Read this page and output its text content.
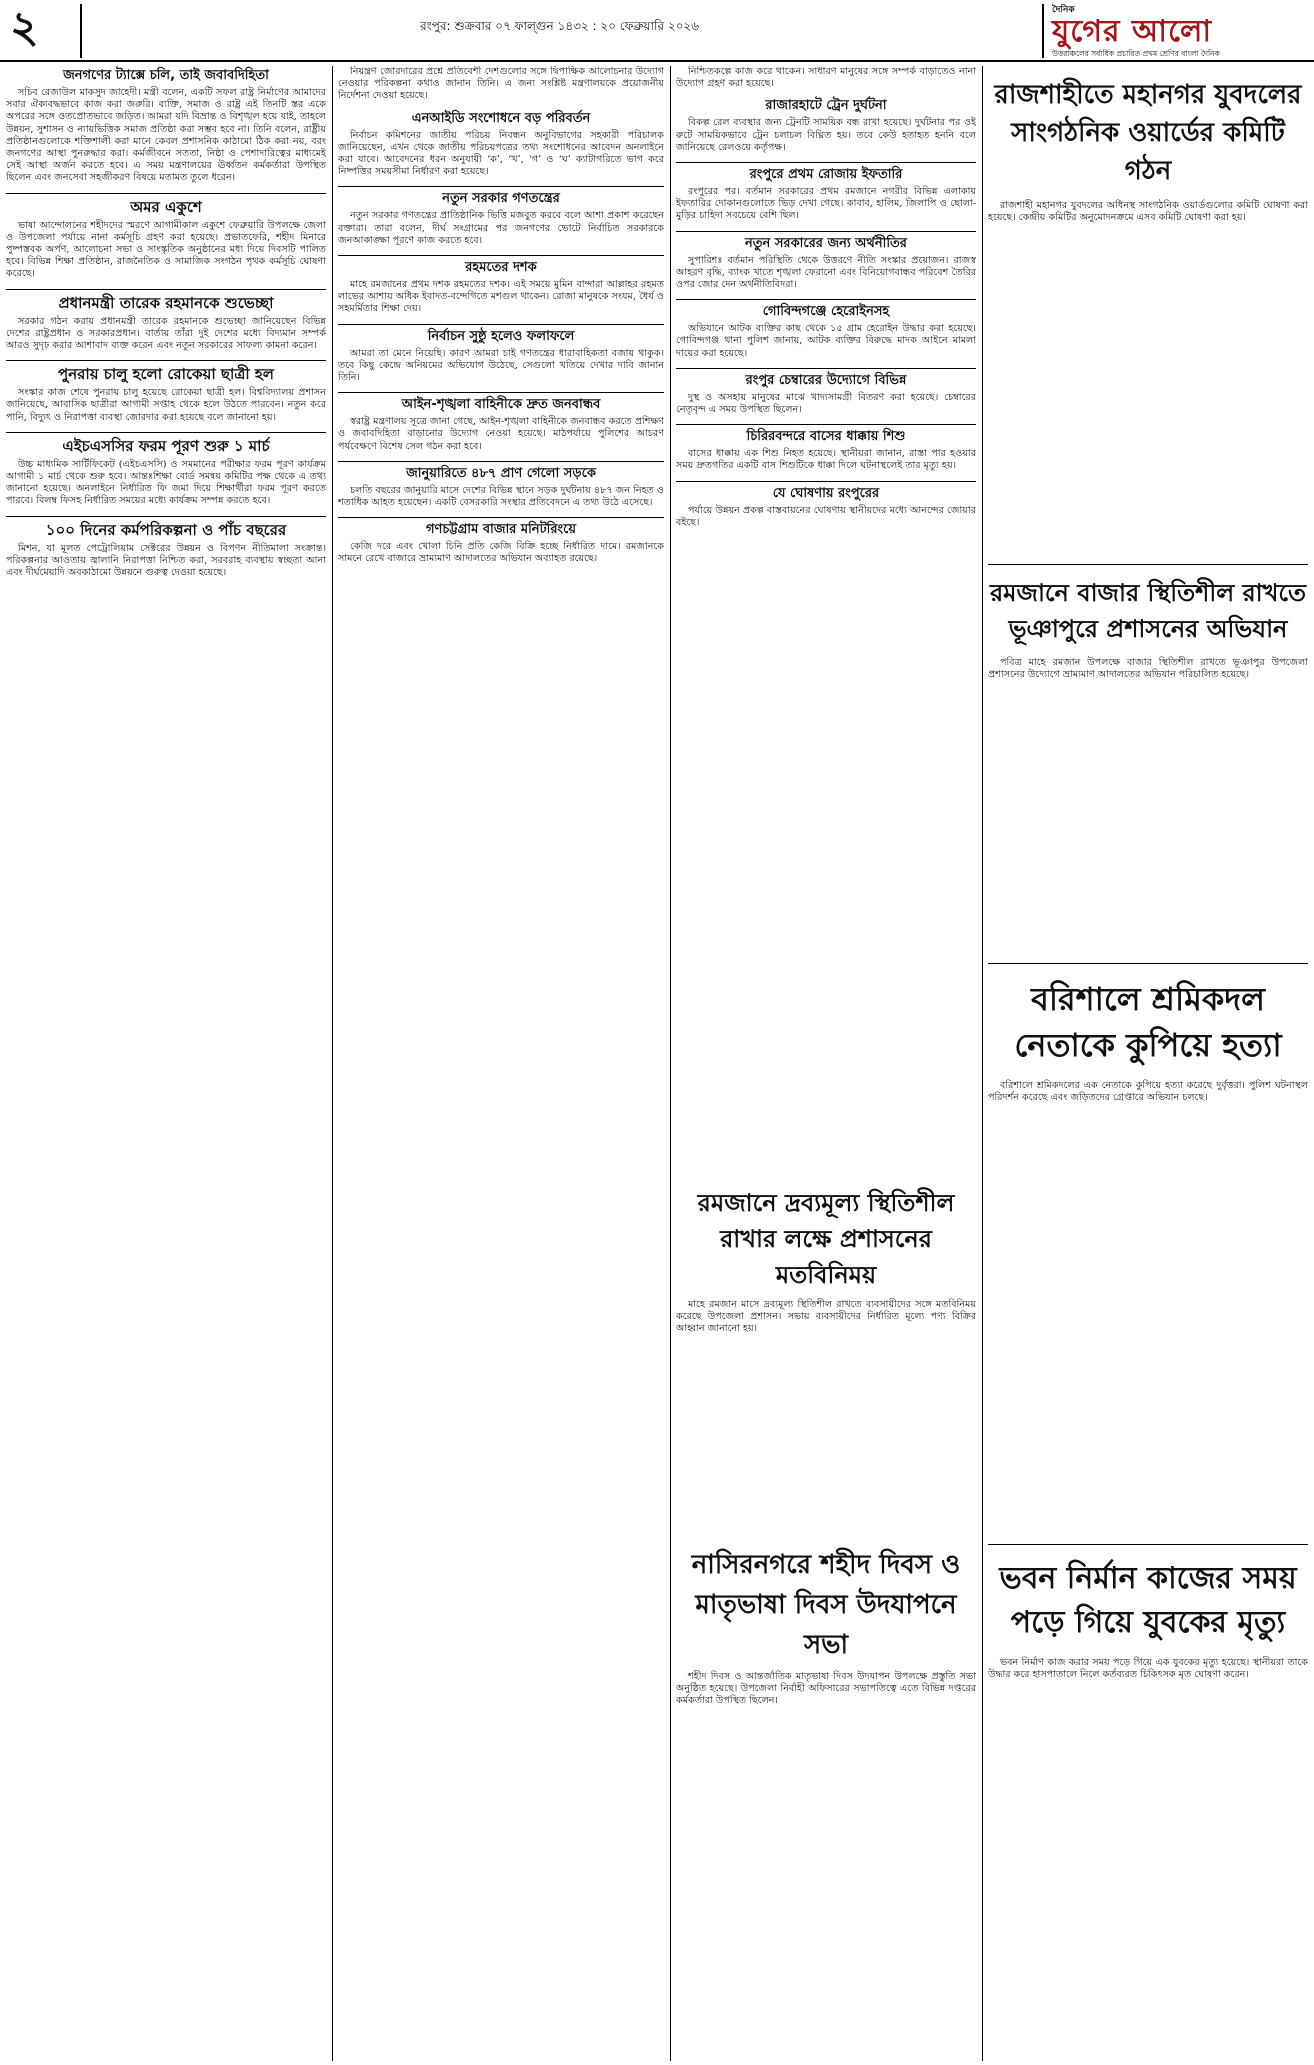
২	রংপুর: শুক্রবার ০৭ ফাল্গুন ১৪৩২ : ২০ ফেব্রুয়ারি ২০২৬
দৈনিক
যুগের আলো
উত্তরাঞ্চলের সর্বাধিক প্রচারিত প্রথম শ্রেণির বাংলা দৈনিক
জনগণের ট্যাক্সে চলি, তাই জবাবদিহিতা

সচিব রেজাউল মাকসুদ জাহেদী। মন্ত্রী বলেন, একটি সফল রাষ্ট্র নির্মাণের আমাদের সবার ঐক্যবদ্ধভাবে কাজ করা জরুরি। ব্যক্তি, সমাজ ও রাষ্ট্র এই তিনটি স্তর একে অপরের সঙ্গে ওতপ্রোতভাবে জড়িত। আমরা যদি বিভ্রান্ত ও বিশৃঙ্খল হয়ে যাই, তাহলে উন্নয়ন, সুশাসন ও ন্যায়ভিত্তিক সমাজ প্রতিষ্ঠা করা সম্ভব হবে না। তিনি বলেন, রাষ্ট্রীয় প্রতিষ্ঠানগুলোকে শক্তিশালী করা মানে কেবল প্রশাসনিক কাঠামো ঠিক করা নয়, বরং জনগণের আস্থা পুনরুদ্ধার করা। কর্মজীবনে সততা, নিষ্ঠা ও পেশাদারিত্বের মাধ্যমেই সেই আস্থা অর্জন করতে হবে। এ সময় মন্ত্রণালয়ের ঊর্ধ্বতন কর্মকর্তারা উপস্থিত ছিলেন এবং জনসেবা সহজীকরণ বিষয়ে মতামত তুলে ধরেন।

অমর একুশে

ভাষা আন্দোলনের শহীদদের স্মরণে আগামীকাল একুশে ফেব্রুয়ারি উপলক্ষে জেলা ও উপজেলা পর্যায়ে নানা কর্মসূচি গ্রহণ করা হয়েছে। প্রভাতফেরি, শহীদ মিনারে পুষ্পস্তবক অর্পণ, আলোচনা সভা ও সাংস্কৃতিক অনুষ্ঠানের মধ্য দিয়ে দিবসটি পালিত হবে। বিভিন্ন শিক্ষা প্রতিষ্ঠান, রাজনৈতিক ও সামাজিক সংগঠন পৃথক কর্মসূচি ঘোষণা করেছে।

প্রধানমন্ত্রী তারেক রহমানকে শুভেচ্ছা

সরকার গঠন করায় প্রধানমন্ত্রী তারেক রহমানকে শুভেচ্ছা জানিয়েছেন বিভিন্ন দেশের রাষ্ট্রপ্রধান ও সরকারপ্রধান। বার্তায় তাঁরা দুই দেশের মধ্যে বিদ্যমান সম্পর্ক আরও সুদৃঢ় করার আশাবাদ ব্যক্ত করেন এবং নতুন সরকারের সাফল্য কামনা করেন।

পুনরায় চালু হলো রোকেয়া ছাত্রী হল

সংস্কার কাজ শেষে পুনরায় চালু হয়েছে রোকেয়া ছাত্রী হল। বিশ্ববিদ্যালয় প্রশাসন জানিয়েছে, আবাসিক ছাত্রীরা আগামী সপ্তাহ থেকে হলে উঠতে পারবেন। নতুন করে পানি, বিদ্যুৎ ও নিরাপত্তা ব্যবস্থা জোরদার করা হয়েছে বলে জানানো হয়।

এইচএসসির ফরম পূরণ শুরু ১ মার্চ

উচ্চ মাধ্যমিক সার্টিফিকেট (এইচএসসি) ও সমমানের পরীক্ষার ফরম পূরণ কার্যক্রম আগামী ১ মার্চ থেকে শুরু হবে। আন্তঃশিক্ষা বোর্ড সমন্বয় কমিটির পক্ষ থেকে এ তথ্য জানানো হয়েছে। অনলাইনে নির্ধারিত ফি জমা দিয়ে শিক্ষার্থীরা ফরম পূরণ করতে পারবে। বিলম্ব ফিসহ নির্ধারিত সময়ের মধ্যে কার্যক্রম সম্পন্ন করতে হবে।

১০০ দিনের কর্মপরিকল্পনা ও পাঁচ বছরের

মিশন, যা মূলত পেট্রোলিয়াম সেক্টরের উন্নয়ন ও বিপণন নীতিমালা সংক্রান্ত। পরিকল্পনার আওতায় জ্বালানি নিরাপত্তা নিশ্চিত করা, সরবরাহ ব্যবস্থায় স্বচ্ছতা আনা এবং দীর্ঘমেয়াদি অবকাঠামো উন্নয়নে গুরুত্ব দেওয়া হয়েছে।

নিয়ন্ত্রণ জোরদারের প্রশ্নে প্রতিবেশী দেশগুলোর সঙ্গে দ্বিপাক্ষিক আলোচনার উদ্যোগ নেওয়ার পরিকল্পনা কথাও জানান তিনি। এ জন্য সংশ্লিষ্ট মন্ত্রণালয়কে প্রয়োজনীয় নির্দেশনা দেওয়া হয়েছে।

এনআইডি সংশোধনে বড় পরিবর্তন

নির্বাচন কমিশনের জাতীয় পরিচয় নিবন্ধন অনুবিভাগের সহকারী পরিচালক জানিয়েছেন, এখন থেকে জাতীয় পরিচয়পত্রের তথ্য সংশোধনের আবেদন অনলাইনে করা যাবে। আবেদনের ধরন অনুযায়ী ‘ক’, ‘খ’, ‘গ’ ও ‘ঘ’ ক্যাটাগরিতে ভাগ করে নিষ্পত্তির সময়সীমা নির্ধারণ করা হয়েছে।

নতুন সরকার গণতন্ত্রের

নতুন সরকার গণতন্ত্রের প্রাতিষ্ঠানিক ভিত্তি মজবুত করবে বলে আশা প্রকাশ করেছেন বক্তারা। তারা বলেন, দীর্ঘ সংগ্রামের পর জনগণের ভোটে নির্বাচিত সরকারকে জনআকাঙ্ক্ষা পূরণে কাজ করতে হবে।

রহমতের দশক

মাহে রমজানের প্রথম দশক রহমতের দশক। এই সময়ে মুমিন বান্দারা আল্লাহর রহমত লাভের আশায় অধিক ইবাদত-বন্দেগিতে মশগুল থাকেন। রোজা মানুষকে সংযম, ধৈর্য ও সহমর্মিতার শিক্ষা দেয়।

নির্বাচন সুষ্ঠু হলেও ফলাফলে

আমরা তা মেনে নিয়েছি। কারণ আমরা চাই গণতন্ত্রের ধারাবাহিকতা বজায় থাকুক। তবে কিছু কেন্দ্রে অনিয়মের অভিযোগ উঠেছে, সেগুলো খতিয়ে দেখার দাবি জানান তিনি।

আইন-শৃঙ্খলা বাহিনীকে দ্রুত জনবান্ধব

স্বরাষ্ট্র মন্ত্রণালয় সূত্রে জানা গেছে, আইন-শৃঙ্খলা বাহিনীকে জনবান্ধব করতে প্রশিক্ষণ ও জবাবদিহিতা বাড়ানোর উদ্যোগ নেওয়া হয়েছে। মাঠপর্যায়ে পুলিশের আচরণ পর্যবেক্ষণে বিশেষ সেল গঠন করা হবে।

জানুয়ারিতে ৪৮৭ প্রাণ গেলো সড়কে

চলতি বছরের জানুয়ারি মাসে দেশের বিভিন্ন স্থানে সড়ক দুর্ঘটনায় ৪৮৭ জন নিহত ও শতাধিক আহত হয়েছেন। একটি বেসরকারি সংস্থার প্রতিবেদনে এ তথ্য উঠে এসেছে।

গণচট্টগ্রাম বাজার মনিটরিংয়ে

কেজি দরে এবং খোলা চিনি প্রতি কেজি বিক্রি হচ্ছে নির্ধারিত দামে। রমজানকে সামনে রেখে বাজারে ভ্রাম্যমাণ আদালতের অভিযান অব্যাহত রয়েছে।

নিশ্চিতকল্পে কাজ করে থাকেন। সাধারণ মানুষের সঙ্গে সম্পর্ক বাড়াতেও নানা উদ্যোগ গ্রহণ করা হয়েছে।

রাজারহাটে ট্রেন দুর্ঘটনা

বিকল্প রেল ব্যবস্থার জন্য ট্রেনটি সাময়িক বন্ধ রাখা হয়েছে। দুর্ঘটনার পর ওই রুটে সাময়িকভাবে ট্রেন চলাচল বিঘ্নিত হয়। তবে কেউ হতাহত হননি বলে জানিয়েছে রেলওয়ে কর্তৃপক্ষ।

রংপুরে প্রথম রোজায় ইফতারি

রংপুরের পর। বর্তমান সরকারের প্রথম রমজানে নগরীর বিভিন্ন এলাকায় ইফতারির দোকানগুলোতে ভিড় দেখা গেছে। কাবাব, হালিম, জিলাপি ও ছোলা-মুড়ির চাহিদা সবচেয়ে বেশি ছিল।

নতুন সরকারের জন্য অর্থনীতির

সুপারিশঃ বর্তমান পরিস্থিতি থেকে উত্তরণে নীতি সংস্কার প্রয়োজন। রাজস্ব আহরণ বৃদ্ধি, ব্যাংক খাতে শৃঙ্খলা ফেরানো এবং বিনিয়োগবান্ধব পরিবেশ তৈরির ওপর জোর দেন অর্থনীতিবিদরা।

গোবিন্দগঞ্জে হেরোইনসহ

অভিযানে আটক ব্যক্তির কাছ থেকে ১৫ গ্রাম হেরোইন উদ্ধার করা হয়েছে। গোবিন্দগঞ্জ থানা পুলিশ জানায়, আটক ব্যক্তির বিরুদ্ধে মাদক আইনে মামলা দায়ের করা হয়েছে।

রংপুর চেম্বারের উদ্যোগে বিভিন্ন

দুস্থ ও অসহায় মানুষের মাঝে খাদ্যসামগ্রী বিতরণ করা হয়েছে। চেম্বারের নেতৃবৃন্দ এ সময় উপস্থিত ছিলেন।

চিরিরবন্দরে বাসের ধাক্কায় শিশু

বাসের ধাক্কায় এক শিশু নিহত হয়েছে। স্থানীয়রা জানান, রাস্তা পার হওয়ার সময় দ্রুতগতির একটি বাস শিশুটিকে ধাক্কা দিলে ঘটনাস্থলেই তার মৃত্যু হয়।

যে ঘোষণায় রংপুরের

পর্যায়ে উন্নয়ন প্রকল্প বাস্তবায়নের ঘোষণায় স্থানীয়দের মধ্যে আনন্দের জোয়ার বইছে।

রমজানে দ্রব্যমূল্য স্থিতিশীল রাখার লক্ষে প্রশাসনের মতবিনিময়

মাহে রমজান মাসে দ্রব্যমূল্য স্থিতিশীল রাখতে ব্যবসায়ীদের সঙ্গে মতবিনিময় করেছে উপজেলা প্রশাসন। সভায় ব্যবসায়ীদের নির্ধারিত মূল্যে পণ্য বিক্রির আহ্বান জানানো হয়।

নাসিরনগরে শহীদ দিবস ও মাতৃভাষা দিবস উদযাপনে সভা

শহীদ দিবস ও আন্তর্জাতিক মাতৃভাষা দিবস উদযাপন উপলক্ষে প্রস্তুতি সভা অনুষ্ঠিত হয়েছে। উপজেলা নির্বাহী অফিসারের সভাপতিত্বে এতে বিভিন্ন দপ্তরের কর্মকর্তারা উপস্থিত ছিলেন।

রাজশাহীতে মহানগর যুবদলের সাংগঠনিক ওয়ার্ডের কমিটি গঠন

রাজশাহী মহানগর যুবদলের অধিনস্থ সাংগঠনিক ওয়ার্ডগুলোর কমিটি ঘোষণা করা হয়েছে। কেন্দ্রীয় কমিটির অনুমোদনক্রমে এসব কমিটি ঘোষণা করা হয়।

রমজানে বাজার স্থিতিশীল রাখতে ভূঞাপুরে প্রশাসনের অভিযান

পবিত্র মাহে রমজান উপলক্ষে বাজার স্থিতিশীল রাখতে ভূঞাপুর উপজেলা প্রশাসনের উদ্যোগে ভ্রাম্যমাণ আদালতের অভিযান পরিচালিত হয়েছে।

বরিশালে শ্রমিকদল নেতাকে কুপিয়ে হত্যা

বরিশালে শ্রমিকদলের এক নেতাকে কুপিয়ে হত্যা করেছে দুর্বৃত্তরা। পুলিশ ঘটনাস্থল পরিদর্শন করেছে এবং জড়িতদের গ্রেপ্তারে অভিযান চলছে।

ভবন নির্মান কাজের সময় পড়ে গিয়ে যুবকের মৃত্যু

ভবন নির্মাণ কাজ করার সময় পড়ে গিয়ে এক যুবকের মৃত্যু হয়েছে। স্থানীয়রা তাকে উদ্ধার করে হাসপাতালে নিলে কর্তব্যরত চিকিৎসক মৃত ঘোষণা করেন।
